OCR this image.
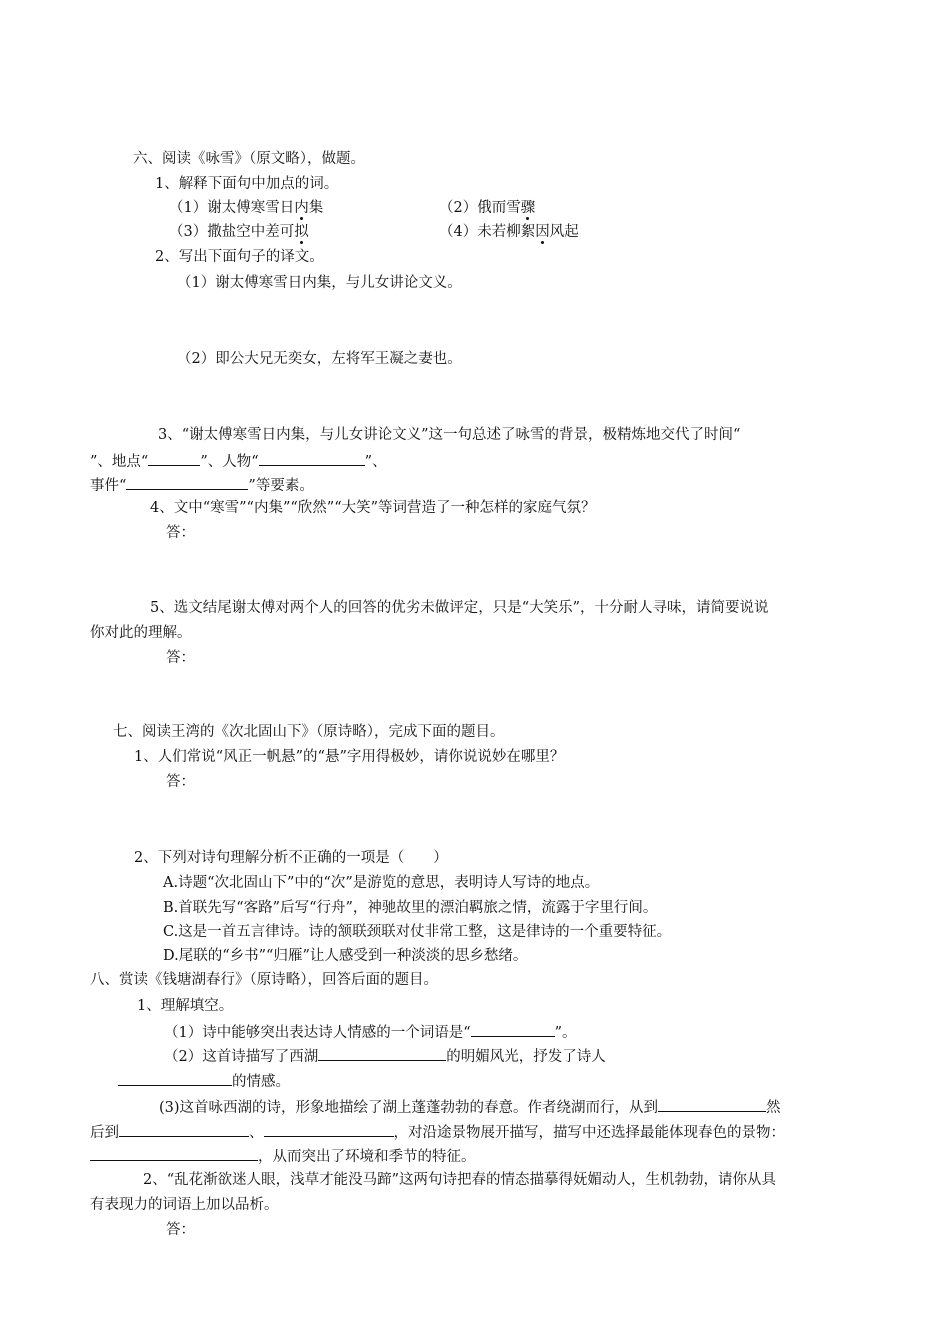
六、阅读《咏雪》（原文略），做题。
1、解释下面句中加点的词。
（1）谢太傅寒雪日内集	（2）俄而雪骤
（3）撒盐空中差可拟	（4）未若柳絮因风起
2、写出下面句子的译文。
（1）谢太傅寒雪日内集，与儿女讲论文义。
（2）即公大兄无奕女，左将军王凝之妻也。
3、“谢太傅寒雪日内集，与儿女讲论文义”这一句总述了咏雪的背景，极精炼地交代了时间“
”、地点“	”、人物“	”、
事件“	”等要素。
4、文中“寒雪”“内集”“欣然”“大笑”等词营造了一种怎样的家庭气氛？
答：
5、选文结尾谢太傅对两个人的回答的优劣未做评定，只是“大笑乐”，十分耐人寻味，请简要说说
你对此的理解。
答：
七、阅读王湾的《次北固山下》（原诗略），完成下面的题目。
1、人们常说“风正一帆悬”的“悬”字用得极妙，请你说说妙在哪里？
答：
2、下列对诗句理解分析不正确的一项是（　　）
A.诗题“次北固山下”中的“次”是游览的意思，表明诗人写诗的地点。
B.首联先写“客路”后写“行舟”，神驰故里的漂泊羁旅之情，流露于字里行间。
C.这是一首五言律诗。诗的颔联颈联对仗非常工整，这是律诗的一个重要特征。
D.尾联的“乡书”“归雁”让人感受到一种淡淡的思乡愁绪。
八、赏读《钱塘湖春行》（原诗略），回答后面的题目。
1、理解填空。
（1）诗中能够突出表达诗人情感的一个词语是“	”。
（2）这首诗描写了西湖	的明媚风光，抒发了诗人
的情感。
(3)这首咏西湖的诗，形象地描绘了湖上蓬蓬勃勃的春意。作者绕湖而行，从到	然
后到	、	，对沿途景物展开描写，描写中还选择最能体现春色的景物：
，从而突出了环境和季节的特征。
2、“乱花渐欲迷人眼，浅草才能没马蹄”这两句诗把春的情态描摹得妩媚动人，生机勃勃，请你从具
有表现力的词语上加以品析。
答：
